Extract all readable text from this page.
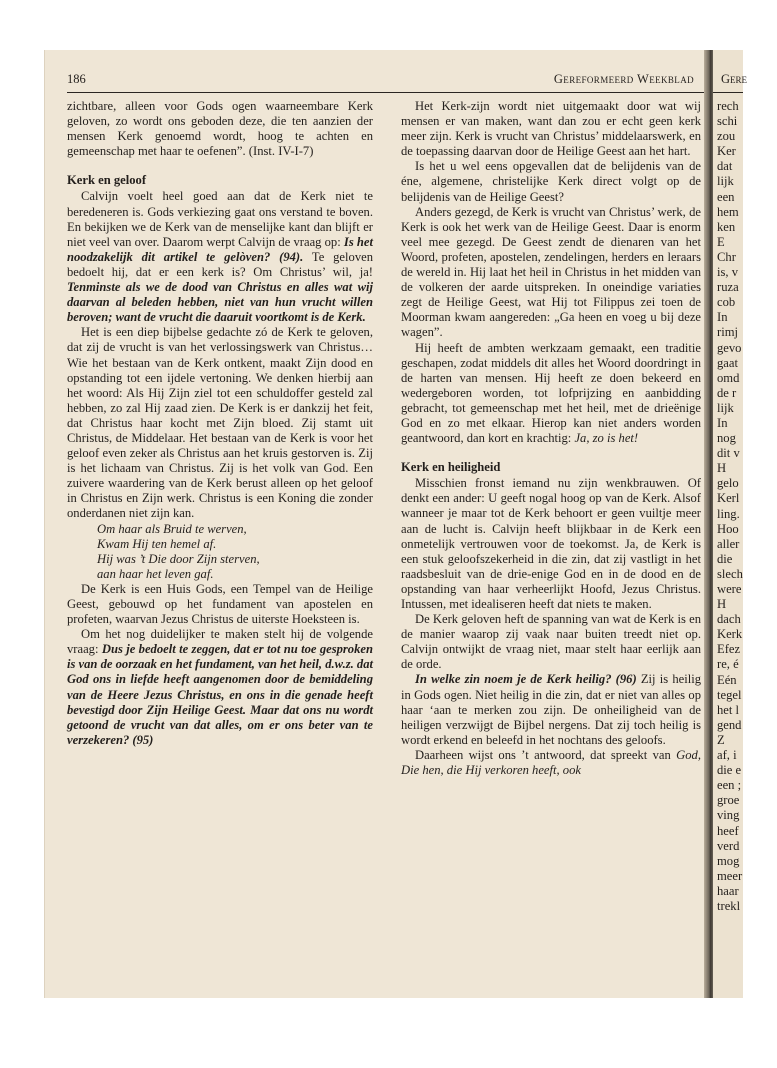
186	Gereformeerd Weekblad

zichtbare, alleen voor Gods ogen waarneembare Kerk geloven, zo wordt ons geboden deze, die ten aanzien der mensen Kerk genoemd wordt, hoog te achten en gemeenschap met haar te oefenen”. (Inst. IV-I-7)

Kerk en geloof

Calvijn voelt heel goed aan dat de Kerk niet te beredeneren is. Gods verkiezing gaat ons verstand te boven. En bekijken we de Kerk van de menselijke kant dan blijft er niet veel van over. Daarom werpt Calvijn de vraag op: Is het noodzakelijk dit artikel te gelòven? (94). Te geloven bedoelt hij, dat er een kerk is? Om Christus’ wil, ja! Tenminste als we de dood van Christus en alles wat wij daarvan al beleden hebben, niet van hun vrucht willen beroven; want de vrucht die daaruit voortkomt is de Kerk.

Het is een diep bijbelse gedachte zó de Kerk te geloven, dat zij de vrucht is van het verlossingswerk van Christus… Wie het bestaan van de Kerk ontkent, maakt Zijn dood en opstanding tot een ijdele vertoning. We denken hierbij aan het woord: Als Hij Zijn ziel tot een schuldoffer gesteld zal hebben, zo zal Hij zaad zien. De Kerk is er dankzij het feit, dat Christus haar kocht met Zijn bloed. Zij stamt uit Christus, de Middelaar. Het bestaan van de Kerk is voor het geloof even zeker als Christus aan het kruis gestorven is. Zij is het lichaam van Christus. Zij is het volk van God. Een zuivere waardering van de Kerk berust alleen op het geloof in Christus en Zijn werk. Christus is een Koning die zonder onderdanen niet zijn kan.

Om haar als Bruid te werven,
Kwam Hij ten hemel af.
Hij was ’t Die door Zijn sterven,
aan haar het leven gaf.

De Kerk is een Huis Gods, een Tempel van de Heilige Geest, gebouwd op het fundament van apostelen en profeten, waarvan Jezus Christus de uiterste Hoeksteen is.

Om het nog duidelijker te maken stelt hij de volgende vraag: Dus je bedoelt te zeggen, dat er tot nu toe gesproken is van de oorzaak en het fundament, van het heil, d.w.z. dat God ons in liefde heeft aangenomen door de bemiddeling van de Heere Jezus Christus, en ons in die genade heeft bevestigd door Zijn Heilige Geest. Maar dat ons nu wordt getoond de vrucht van dat alles, om er ons beter van te verzekeren? (95)

Het Kerk-zijn wordt niet uitgemaakt door wat wij mensen er van maken, want dan zou er echt geen kerk meer zijn. Kerk is vrucht van Christus’ middelaarswerk, en de toepassing daarvan door de Heilige Geest aan het hart.

Is het u wel eens opgevallen dat de belijdenis van de éne, algemene, christelijke Kerk direct volgt op de belijdenis van de Heilige Geest?

Anders gezegd, de Kerk is vrucht van Christus’ werk, de Kerk is ook het werk van de Heilige Geest. Daar is enorm veel mee gezegd. De Geest zendt de dienaren van het Woord, profeten, apostelen, zendelingen, herders en leraars de wereld in. Hij laat het heil in Christus in het midden van de volkeren der aarde uitspreken. In oneindige variaties zegt de Heilige Geest, wat Hij tot Filippus zei toen de Moorman kwam aangereden: „Ga heen en voeg u bij deze wagen”.

Hij heeft de ambten werkzaam gemaakt, een traditie geschapen, zodat middels dit alles het Woord doordringt in de harten van mensen. Hij heeft ze doen bekeerd en wedergeboren worden, tot lofprijzing en aanbidding gebracht, tot gemeenschap met het heil, met de drieënige God en zo met elkaar. Hierop kan niet anders worden geantwoord, dan kort en krachtig: Ja, zo is het!

Kerk en heiligheid

Misschien fronst iemand nu zijn wenkbrauwen. Of denkt een ander: U geeft nogal hoog op van de Kerk. Alsof wanneer je maar tot de Kerk behoort er geen vuiltje meer aan de lucht is. Calvijn heeft blijkbaar in de Kerk een onmetelijk vertrouwen voor de toekomst. Ja, de Kerk is een stuk geloofszekerheid in die zin, dat zij vastligt in het raadsbesluit van de drie-enige God en in de dood en de opstanding van haar verheerlijkt Hoofd, Jezus Christus. Intussen, met idealiseren heeft dat niets te maken.

De Kerk geloven heft de spanning van wat de Kerk is en de manier waarop zij vaak naar buiten treedt niet op. Calvijn ontwijkt de vraag niet, maar stelt haar eerlijk aan de orde.

In welke zin noem je de Kerk heilig? (96) Zij is heilig in Gods ogen. Niet heilig in die zin, dat er niet van alles op haar ‘aan te merken zou zijn. De onheiligheid van de heiligen verzwijgt de Bijbel nergens. Dat zij toch heilig is wordt erkend en beleefd in het nochtans des geloofs.

Daarheen wijst ons ’t antwoord, dat spreekt van God, Die hen, die Hij verkoren heeft, ook

Gere
rech
schi
zou
Ker
dat
lijk
een
hem
ken
E
Chr
is, v
ruza
cob
In
rimj
gevo
gaat
omd
de r
lijk
In
nog
dit v
H
gelo
Kerl
ling.
Hoo
aller
die
slech
were
H
dach
Kerk
Efez
re, é
Eén
tegel
het l
gend
Z
af, i
die e
een ;
groe
ving
heef
verd
mog
meer
haar
trekl
